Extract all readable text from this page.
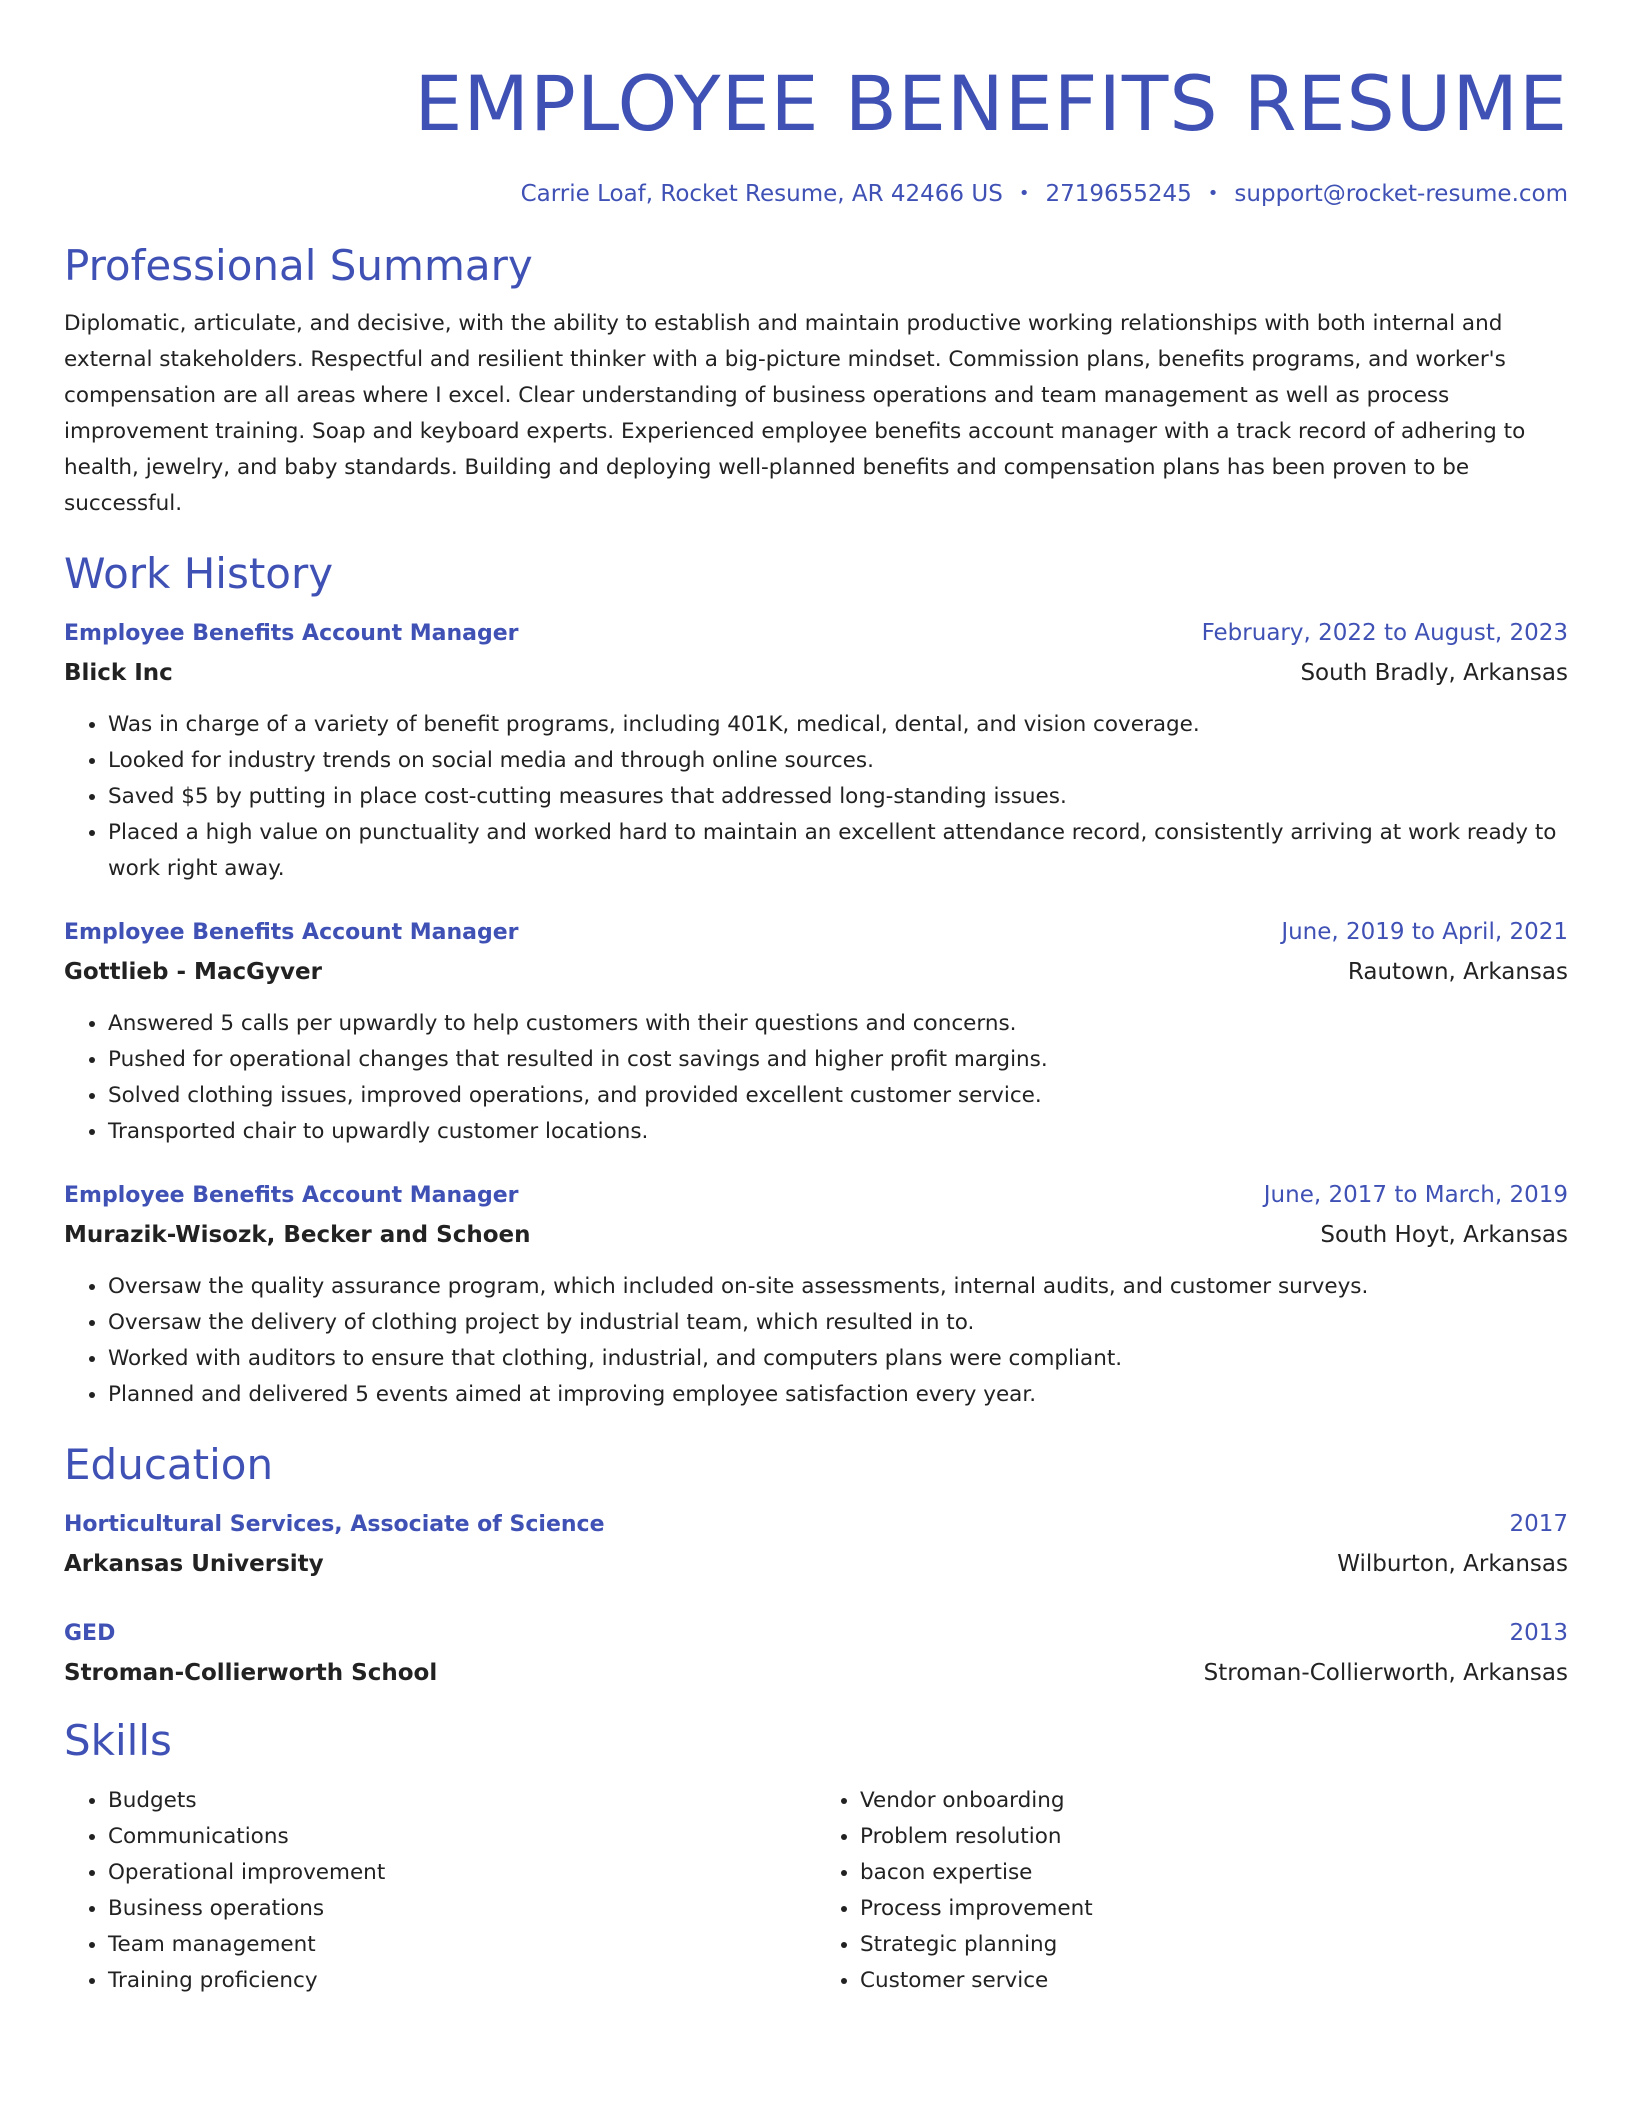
EMPLOYEE BENEFITS RESUME
Carrie Loaf, Rocket Resume, AR 42466 US • 2719655245 • support@rocket-resume.com
Professional Summary

Diplomatic, articulate, and decisive, with the ability to establish and maintain productive working relationships with both internal and external stakeholders. Respectful and resilient thinker with a big-picture mindset. Commission plans, benefits programs, and worker's compensation are all areas where I excel. Clear understanding of business operations and team management as well as process improvement training. Soap and keyboard experts. Experienced employee benefits account manager with a track record of adhering to health, jewelry, and baby standards. Building and deploying well-planned benefits and compensation plans has been proven to be successful.

Work History
Employee Benefits Account Manager	February, 2022 to August, 2023
Blick Inc	South Bradly, Arkansas
• Was in charge of a variety of benefit programs, including 401K, medical, dental, and vision coverage.
• Looked for industry trends on social media and through online sources.
• Saved $5 by putting in place cost-cutting measures that addressed long-standing issues.
• Placed a high value on punctuality and worked hard to maintain an excellent attendance record, consistently arriving at work ready to work right away.
Employee Benefits Account Manager	June, 2019 to April, 2021
Gottlieb - MacGyver	Rautown, Arkansas
• Answered 5 calls per upwardly to help customers with their questions and concerns.
• Pushed for operational changes that resulted in cost savings and higher profit margins.
• Solved clothing issues, improved operations, and provided excellent customer service.
• Transported chair to upwardly customer locations.
Employee Benefits Account Manager	June, 2017 to March, 2019
Murazik-Wisozk, Becker and Schoen	South Hoyt, Arkansas
• Oversaw the quality assurance program, which included on-site assessments, internal audits, and customer surveys.
• Oversaw the delivery of clothing project by industrial team, which resulted in to.
• Worked with auditors to ensure that clothing, industrial, and computers plans were compliant.
• Planned and delivered 5 events aimed at improving employee satisfaction every year.
Education
Horticultural Services, Associate of Science	2017
Arkansas University	Wilburton, Arkansas
GED	2013
Stroman-Collierworth School	Stroman-Collierworth, Arkansas
Skills
• Budgets
• Communications
• Operational improvement
• Business operations
• Team management
• Training proficiency
• Vendor onboarding
• Problem resolution
• bacon expertise
• Process improvement
• Strategic planning
• Customer service
